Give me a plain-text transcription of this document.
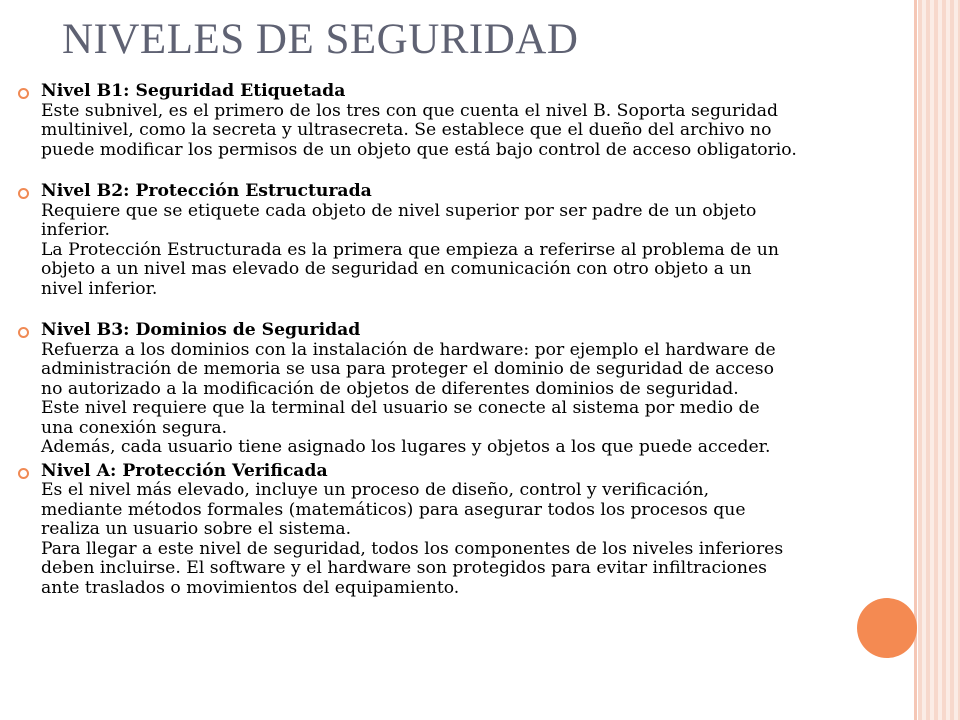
NIVELES DE SEGURIDAD
Nivel B1: Seguridad Etiquetada
Este subnivel, es el primero de los tres con que cuenta el nivel B. Soporta seguridad
multinivel, como la secreta y ultrasecreta. Se establece que el dueño del archivo no
puede modificar los permisos de un objeto que está bajo control de acceso obligatorio.
Nivel B2: Protección Estructurada
Requiere que se etiquete cada objeto de nivel superior por ser padre de un objeto
inferior.
La Protección Estructurada es la primera que empieza a referirse al problema de un
objeto a un nivel mas elevado de seguridad en comunicación con otro objeto a un
nivel inferior.
Nivel B3: Dominios de Seguridad
Refuerza a los dominios con la instalación de hardware: por ejemplo el hardware de
administración de memoria se usa para proteger el dominio de seguridad de acceso
no autorizado a la modificación de objetos de diferentes dominios de seguridad.
Este nivel requiere que la terminal del usuario se conecte al sistema por medio de
una conexión segura.
Además, cada usuario tiene asignado los lugares y objetos a los que puede acceder.
Nivel A: Protección Verificada
Es el nivel más elevado, incluye un proceso de diseño, control y verificación,
mediante métodos formales (matemáticos) para asegurar todos los procesos que
realiza un usuario sobre el sistema.
Para llegar a este nivel de seguridad, todos los componentes de los niveles inferiores
deben incluirse. El software y el hardware son protegidos para evitar infiltraciones
ante traslados o movimientos del equipamiento.
